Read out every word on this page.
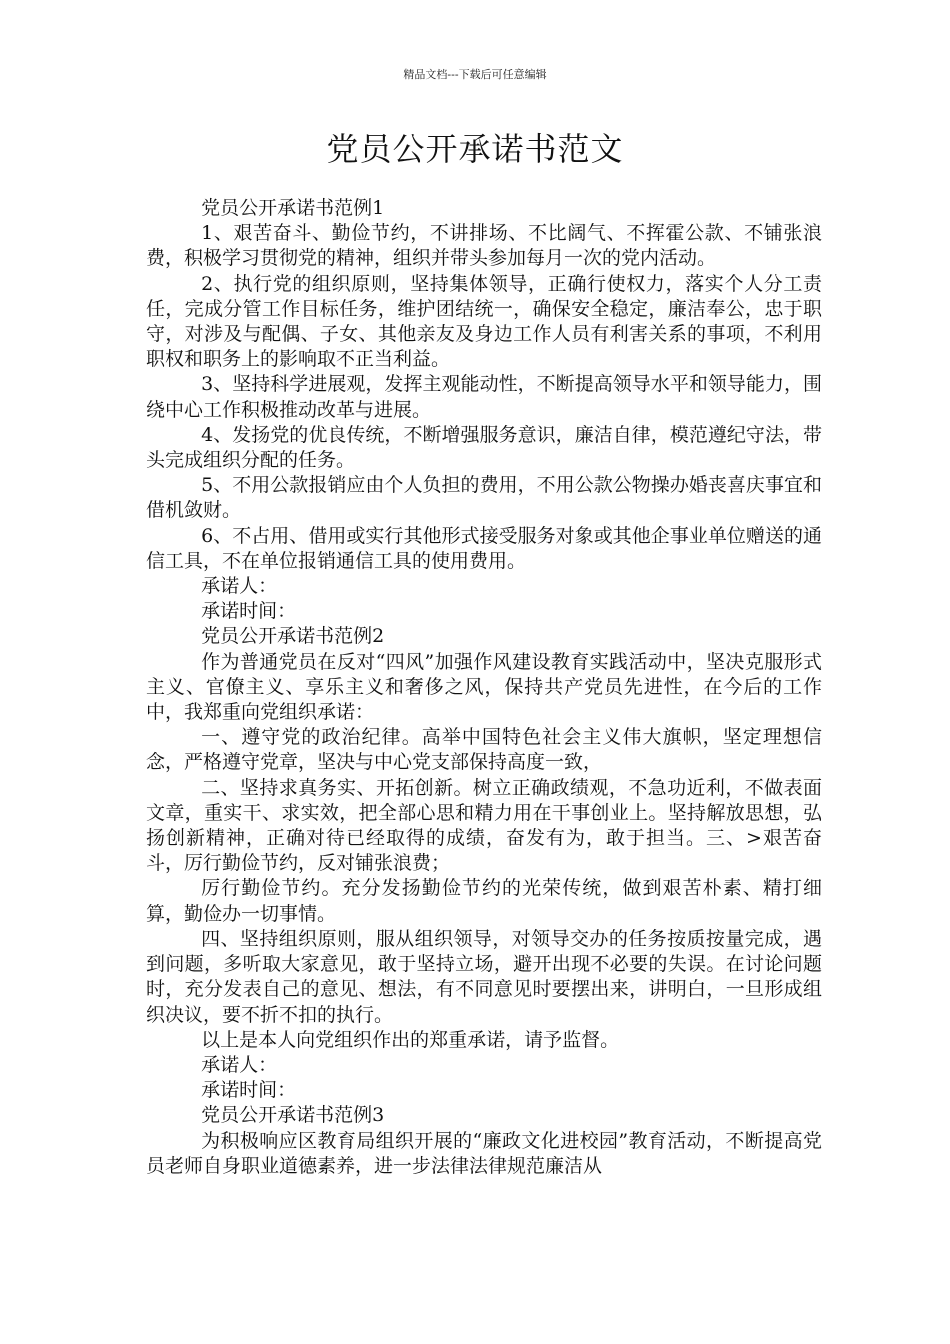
精品文档---下载后可任意编辑
党员公开承诺书范文

党员公开承诺书范例1

1、艰苦奋斗、勤俭节约，不讲排场、不比阔气、不挥霍公款、不铺张浪费，积极学习贯彻党的精神，组织并带头参加每月一次的党内活动。

2、执行党的组织原则，坚持集体领导，正确行使权力，落实个人分工责任，完成分管工作目标任务，维护团结统一，确保安全稳定，廉洁奉公，忠于职守，对涉及与配偶、子女、其他亲友及身边工作人员有利害关系的事项，不利用职权和职务上的影响取不正当利益。

3、坚持科学进展观，发挥主观能动性，不断提高领导水平和领导能力，围绕中心工作积极推动改革与进展。

4、发扬党的优良传统，不断增强服务意识，廉洁自律，模范遵纪守法，带头完成组织分配的任务。

5、不用公款报销应由个人负担的费用，不用公款公物操办婚丧喜庆事宜和借机敛财。

6、不占用、借用或实行其他形式接受服务对象或其他企事业单位赠送的通信工具，不在单位报销通信工具的使用费用。

承诺人：

承诺时间：

党员公开承诺书范例2

作为普通党员在反对“四风”加强作风建设教育实践活动中，坚决克服形式主义、官僚主义、享乐主义和奢侈之风，保持共产党员先进性，在今后的工作中，我郑重向党组织承诺：

一、遵守党的政治纪律。高举中国特色社会主义伟大旗帜，坚定理想信念，严格遵守党章，坚决与中心党支部保持高度一致，

二、坚持求真务实、开拓创新。树立正确政绩观，不急功近利，不做表面文章，重实干、求实效，把全部心思和精力用在干事创业上。坚持解放思想，弘扬创新精神，正确对待已经取得的成绩，奋发有为，敢于担当。三、>艰苦奋斗，厉行勤俭节约，反对铺张浪费；

厉行勤俭节约。充分发扬勤俭节约的光荣传统，做到艰苦朴素、精打细算，勤俭办一切事情。

四、坚持组织原则，服从组织领导，对领导交办的任务按质按量完成，遇到问题，多听取大家意见，敢于坚持立场，避开出现不必要的失误。在讨论问题时，充分发表自己的意见、想法，有不同意见时要摆出来，讲明白，一旦形成组织决议，要不折不扣的执行。

以上是本人向党组织作出的郑重承诺，请予监督。

承诺人：

承诺时间：

党员公开承诺书范例3

为积极响应区教育局组织开展的“廉政文化进校园”教育活动，不断提高党员老师自身职业道德素养，进一步法律法律规范廉洁从
